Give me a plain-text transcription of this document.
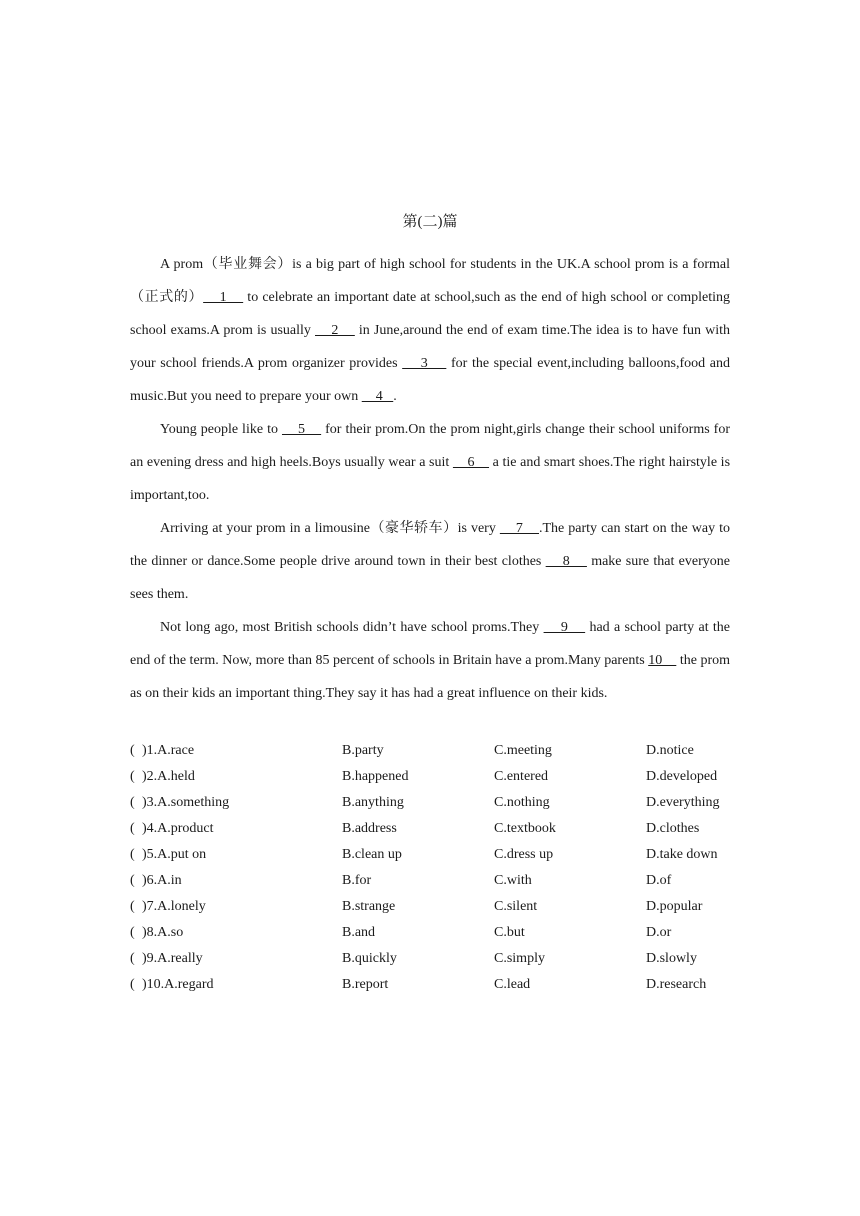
第(二)篇

A prom（毕业舞会）is a big part of high school for students in the UK.A school prom is a formal（正式的）    1     to celebrate an important date at school,such as the end of high school or completing school exams.A prom is usually     2     in June,around the end of exam time.The idea is to have fun with your school friends.A prom organizer provides     3     for the special event,including balloons,food and music.But you need to prepare your own     4   .

Young people like to     5     for their prom.On the prom night,girls change their school uniforms for an evening dress and high heels.Boys usually wear a suit     6     a tie and smart shoes.The right hairstyle is important,too.

Arriving at your prom in a limousine（豪华轿车）is very     7    .The party can start on the way to the dinner or dance.Some people drive around town in their best clothes     8     make sure that everyone sees them.

Not long ago, most British schools didn’t have school proms.They     9     had a school party at the end of the term. Now, more than 85 percent of schools in Britain have a prom.Many parents 10     the prom as on their kids an important thing.They say it has had a great influence on their kids.

( )1.A.race	B.party	C.meeting	D.notice
( )2.A.held	B.happened	C.entered	D.developed
( )3.A.something	B.anything	C.nothing	D.everything
( )4.A.product	B.address	C.textbook	D.clothes
( )5.A.put on	B.clean up	C.dress up	D.take down
( )6.A.in	B.for	C.with	D.of
( )7.A.lonely	B.strange	C.silent	D.popular
( )8.A.so	B.and	C.but	D.or
( )9.A.really	B.quickly	C.simply	D.slowly
( )10.A.regard	B.report	C.lead	D.research
